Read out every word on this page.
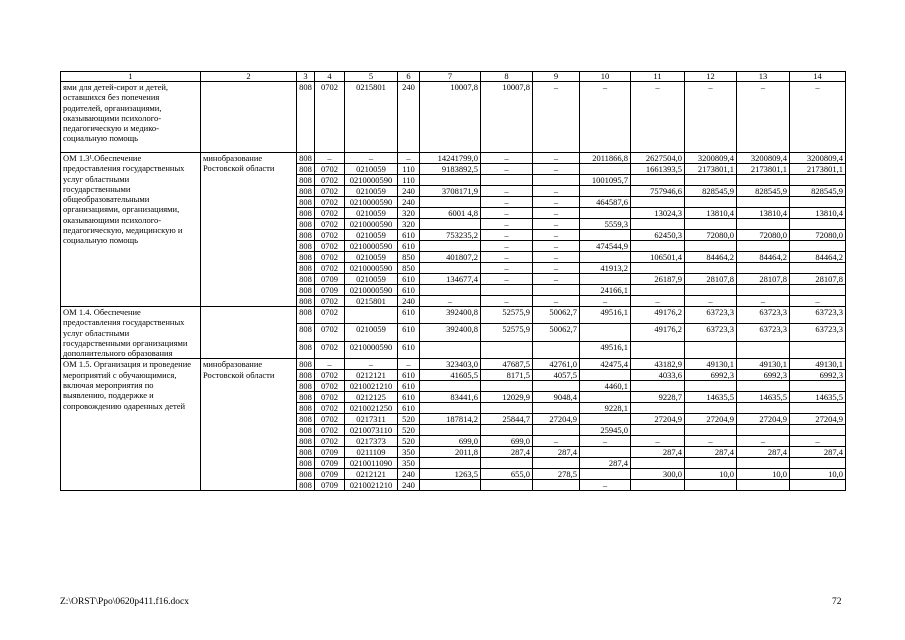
1	2	3	4	5	6	7	8	9	10	11	12	13	14
ями для детей-сирот и детей, оставшихся без попечения родителей, организациями, оказывающими психолого-педагогическую и медико-социальную помощь		808	0702	0215801	240	10007,8	10007,8	–	–	–	–	–	–
ОМ 1.3¹.Обеспечение предоставления государственных услуг областными государственными общеобразовательными организациями, организациями, оказывающими психолого-педагогическую, медицинскую и социальную помощь	минобразование Ростовской области	808	–	–	–	14241799,0	–	–	2011866,8	2627504,0	3200809,4	3200809,4	3200809,4
		808	0702	0210059	110	9183892,5	–	–		1661393,5	2173801,1	2173801,1	2173801,1
		808	0702	0210000590	110				1001095,7				
		808	0702	0210059	240	3708171,9	–	–		757946,6	828545,9	828545,9	828545,9
		808	0702	0210000590	240		–	–	464587,6				
		808	0702	0210059	320	6001 4,8	–	–		13024,3	13810,4	13810,4	13810,4
		808	0702	0210000590	320		–	–	5559,3				
		808	0702	0210059	610	753235,2	–	–		62450,3	72080,0	72080,0	72080,0
		808	0702	0210000590	610		–	–	474544,9				
		808	0702	0210059	850	401807,2	–	–		106501,4	84464,2	84464,2	84464,2
		808	0702	0210000590	850		–	–	41913,2				
		808	0709	0210059	610	134677,4	–	–		26187,9	28107,8	28107,8	28107,8
		808	0709	0210000590	610				24166,1				
		808	0702	0215801	240	–	–	–	–	–	–	–	–
ОМ 1.4. Обеспечение предоставления государственных услуг областными государственными организациями дополнительного образования		808	0702		610	392400,8	52575,9	50062,7	49516,1	49176,2	63723,3	63723,3	63723,3
		808	0702	0210059	610	392400,8	52575,9	50062,7		49176,2	63723,3	63723,3	63723,3
		808	0702	0210000590	610				49516,1				
ОМ 1.5. Организация и проведение мероприятий с обучающимися, включая мероприятия по выявлению, поддержке и сопровождению одаренных детей	минобразование Ростовской области	808	–	–	–	323403,0	47687,5	42761,0	42475,4	43182,9	49130,1	49130,1	49130,1
		808	0702	0212121	610	41605,5	8171,5	4057,5		4033,6	6992,3	6992,3	6992,3
		808	0702	0210021210	610				4460,1				
		808	0702	0212125	610	83441,6	12029,9	9048,4		9228,7	14635,5	14635,5	14635,5
		808	0702	0210021250	610				9228,1				
		808	0702	0217311	520	187814,2	25844,7	27204,9		27204,9	27204,9	27204,9	27204,9
		808	0702	0210073110	520				25945,0				
		808	0702	0217373	520	699,0	699,0	–	–	–	–	–	–
		808	0709	0211109	350	2011,8	287,4	287,4		287,4	287,4	287,4	287,4
		808	0709	0210011090	350				287,4				
		808	0709	0212121	240	1263,5	655,0	278,5		300,0	10,0	10,0	10,0
		808	0709	0210021210	240				–				
Z:\ORST\Ppo\0620p411.f16.docx	72
